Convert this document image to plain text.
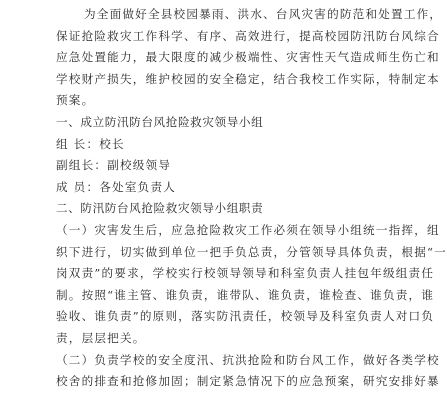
为全面做好全县校园暴雨、洪水、台风灾害的防范和处置工作，
保证抢险救灾工作科学、有序、高效进行，提高校园防汛防台风综合
应急处置能力，最大限度的减少极端性、灾害性天气造成师生伤亡和
学校财产损失，维护校园的安全稳定，结合我校工作实际，特制定本
预案。
一、成立防汛防台风抢险救灾领导小组
组 长：校长
副组长：副校级领导
成 员：各处室负责人
二、防汛防台风抢险救灾领导小组职责
（一）灾害发生后，应急抢险救灾工作必须在领导小组统一指挥，组
织下进行，切实做到单位一把手负总责，分管领导具体负责，根据“一
岗双责”的要求，学校实行校领导领导和科室负责人挂包年级组责任
制。按照“谁主管、谁负责，谁带队、谁负责，谁检查、谁负责，谁
验收、谁负责”的原则，落实防汛责任，校领导及科室负责人对口负
责，层层把关。
（二）负责学校的安全度汛、抗洪抢险和防台风工作，做好各类学校
校舍的排查和抢修加固；制定紧急情况下的应急预案，研究安排好暴
